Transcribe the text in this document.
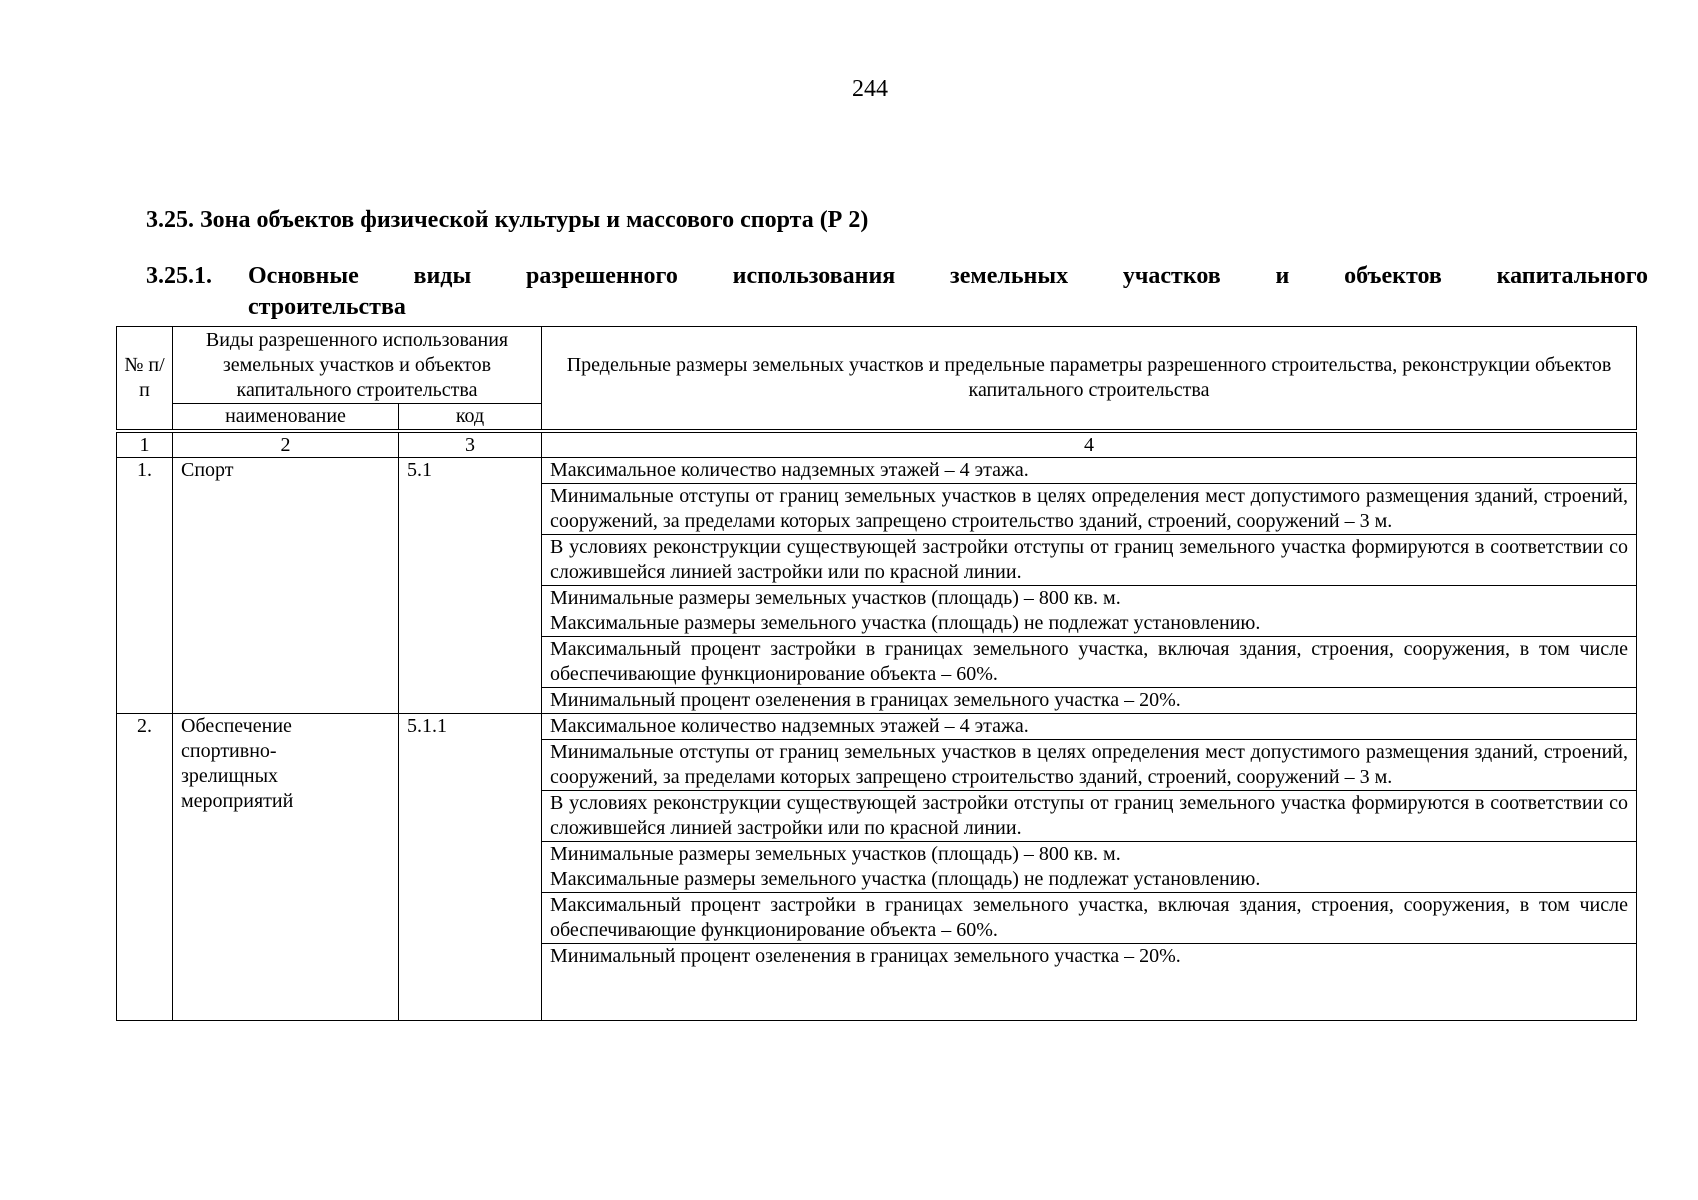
244
3.25. Зона объектов физической культуры и массового спорта (Р 2)
3.25.1.	Основные виды разрешенного использования земельных участков и объектов капитального
строительства
№ п/п	Виды разрешенного использования земельных участков и объектов капитального строительства		Предельные размеры земельных участков и предельные параметры разрешенного строительства, реконструкции объектов капитального строительства
	наименование	код	
1	2	3	4
1.	Спорт	5.1	Максимальное количество надземных этажей – 4 этажа.
			Минимальные отступы от границ земельных участков в целях определения мест допустимого размещения зданий, строений, сооружений, за пределами которых запрещено строительство зданий, строений, сооружений – 3 м.
			В условиях реконструкции существующей застройки отступы от границ земельного участка формируются в соответствии со сложившейся линией застройки или по красной линии.

			Минимальные размеры земельных участков (площадь) – 800 кв. м.
Максимальные размеры земельного участка (площадь) не подлежат установлению.

			Максимальный процент застройки в границах земельного участка, включая здания, строения, сооружения, в том числе обеспечивающие функционирование объекта – 60%.
			Минимальный процент озеленения в границах земельного участка – 20%.
2.	Обеспечение спортивно-зрелищных мероприятий	5.1.1	Максимальное количество надземных этажей – 4 этажа.
			Минимальные отступы от границ земельных участков в целях определения мест допустимого размещения зданий, строений, сооружений, за пределами которых запрещено строительство зданий, строений, сооружений – 3 м.
			В условиях реконструкции существующей застройки отступы от границ земельного участка формируются в соответствии со сложившейся линией застройки или по красной линии.

			Минимальные размеры земельных участков (площадь) – 800 кв. м.
Максимальные размеры земельного участка (площадь) не подлежат установлению.

			Максимальный процент застройки в границах земельного участка, включая здания, строения, сооружения, в том числе обеспечивающие функционирование объекта – 60%.
			Минимальный процент озеленения в границах земельного участка – 20%.
